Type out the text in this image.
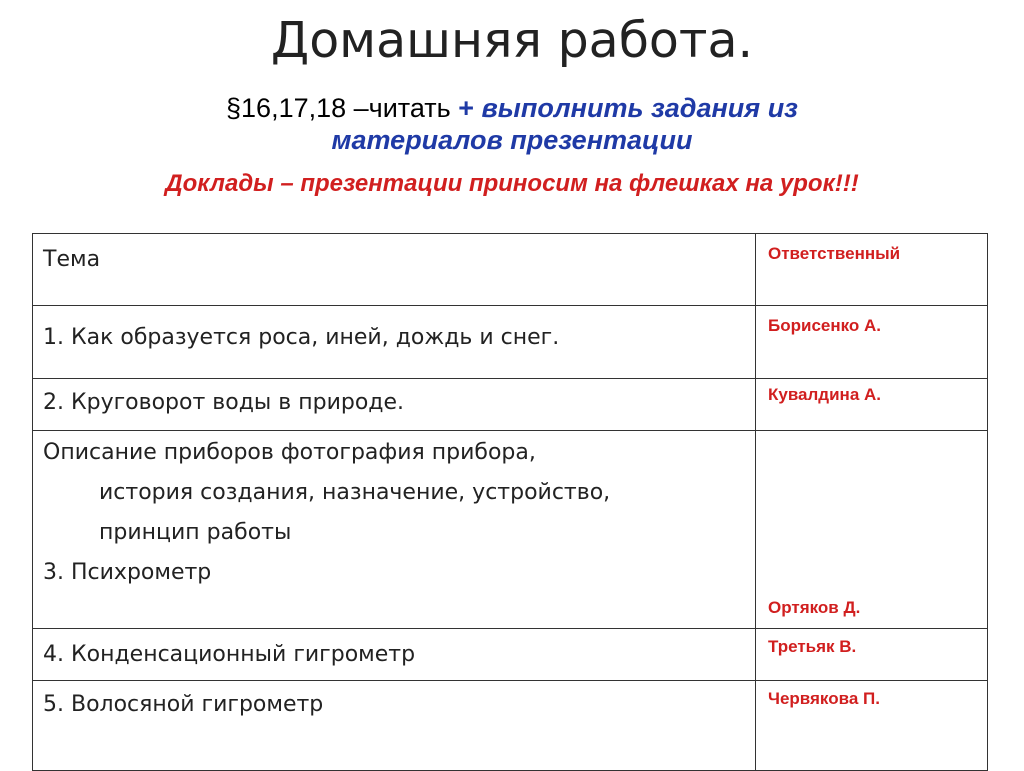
Домашняя работа.
§16,17,18 –читать + выполнить задания из
материалов презентации
Доклады – презентации приносим на флешках на урок!!!
Тема	Ответственный
1. Как образуется роса, иней, дождь и снег.	Борисенко А.
2. Круговорот воды в природе.	Кувалдина А.

Описание приборов фотография прибора,
история создания, назначение, устройство,
принцип работы
3. Психрометр	Ортяков Д.
4. Конденсационный гигрометр	Третьяк В.
5. Волосяной гигрометр	Червякова П.
